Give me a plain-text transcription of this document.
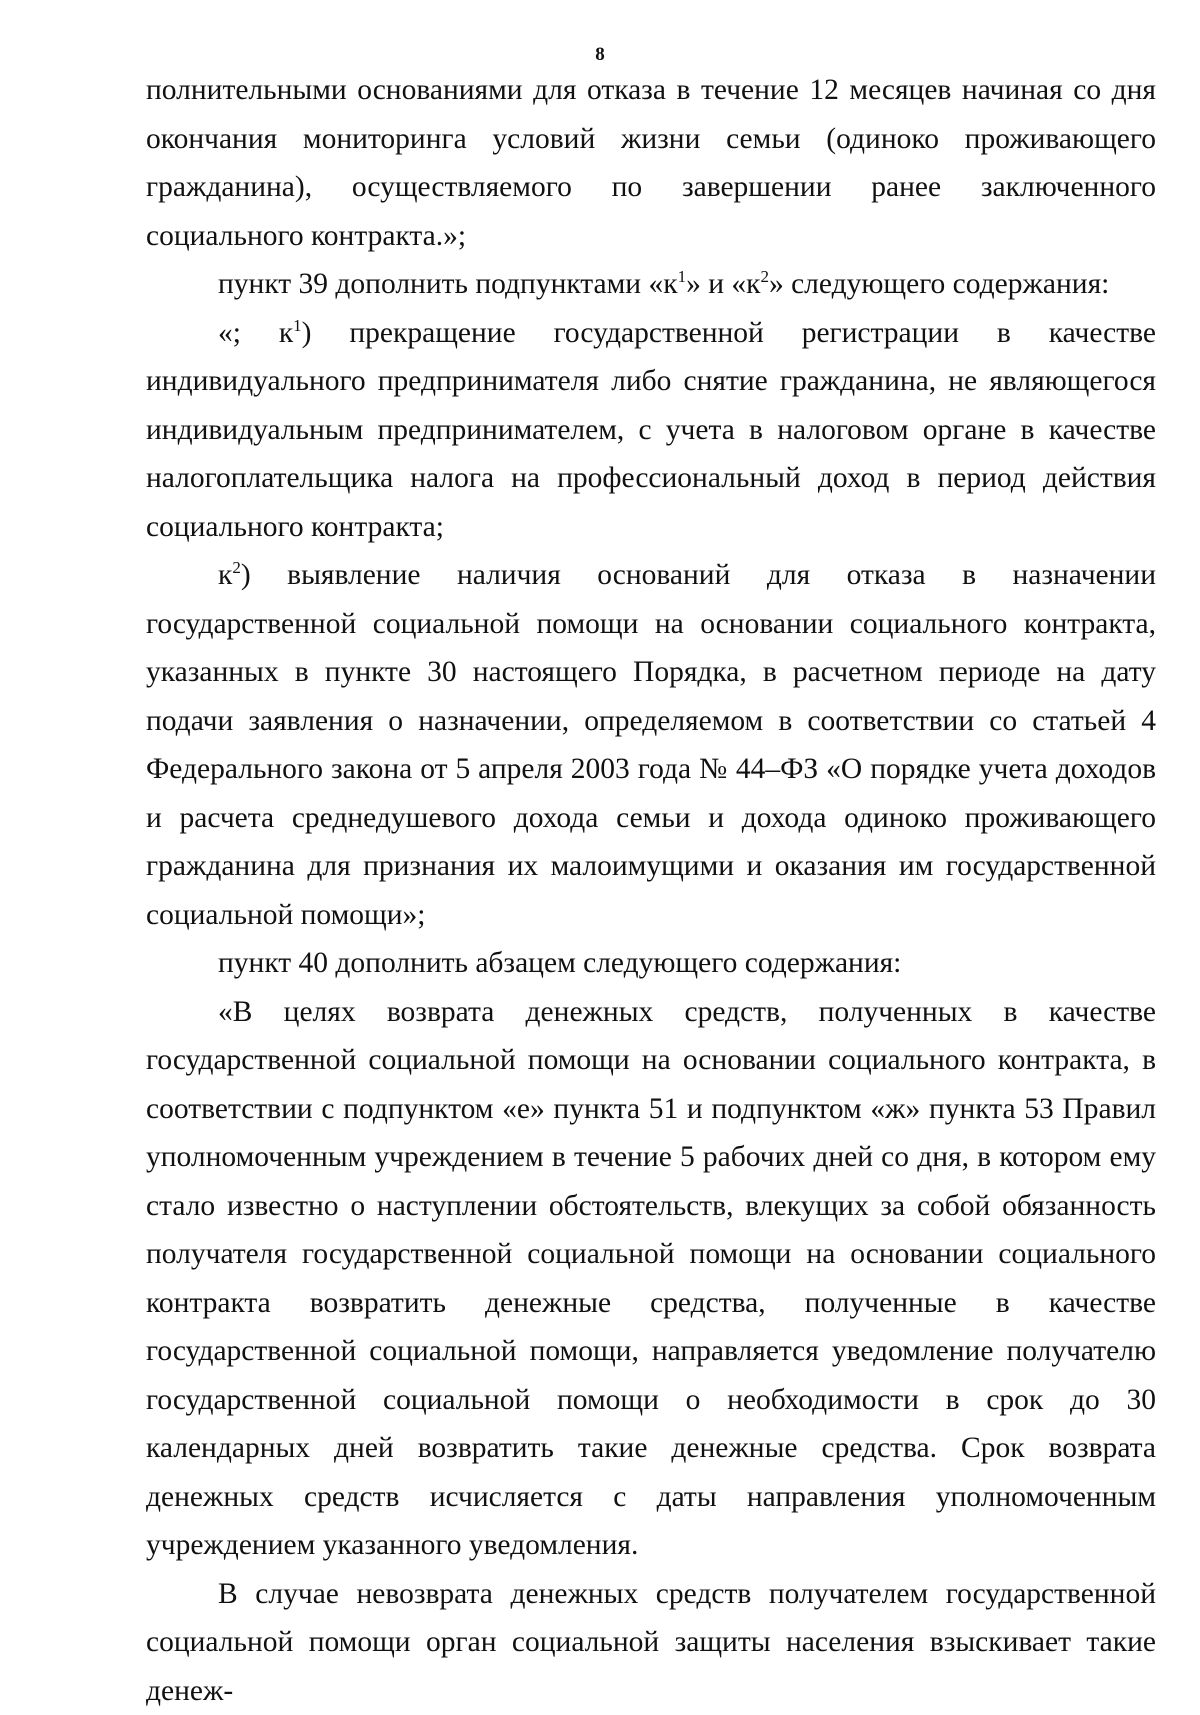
8

полнительными основаниями для отказа в течение 12 месяцев начиная со дня окончания мониторинга условий жизни семьи (одиноко проживающего гражданина), осуществляемого по завершении ранее заключенного социального контракта.»;

пункт 39 дополнить подпунктами «$к^1$» и «$к^2$» следующего содержания:

«; $к^1$) прекращение государственной регистрации в качестве индивидуального предпринимателя либо снятие гражданина, не являющегося индивидуальным предпринимателем, с учета в налоговом органе в качестве налогоплательщика налога на профессиональный доход в период действия социального контракта;

$к^2$) выявление наличия оснований для отказа в назначении государственной социальной помощи на основании социального контракта, указанных в пункте 30 настоящего Порядка, в расчетном периоде на дату подачи заявления о назначении, определяемом в соответствии со статьей 4 Федерального закона от 5 апреля 2003 года № 44–ФЗ «О порядке учета доходов и расчета среднедушевого дохода семьи и дохода одиноко проживающего гражданина для признания их малоимущими и оказания им государственной социальной помощи»;

пункт 40 дополнить абзацем следующего содержания:

«В целях возврата денежных средств, полученных в качестве государственной социальной помощи на основании социального контракта, в соответствии с подпунктом «е» пункта 51 и подпунктом «ж» пункта 53 Правил уполномоченным учреждением в течение 5 рабочих дней со дня, в котором ему стало известно о наступлении обстоятельств, влекущих за собой обязанность получателя государственной социальной помощи на основании социального контракта возвратить денежные средства, полученные в качестве государственной социальной помощи, направляется уведомление получателю государственной социальной помощи о необходимости в срок до 30 календарных дней возвратить такие денежные средства. Срок возврата денежных средств исчисляется с даты направления уполномоченным учреждением указанного уведомления.

В случае невозврата денежных средств получателем государственной социальной помощи орган социальной защиты населения взыскивает такие денеж-
